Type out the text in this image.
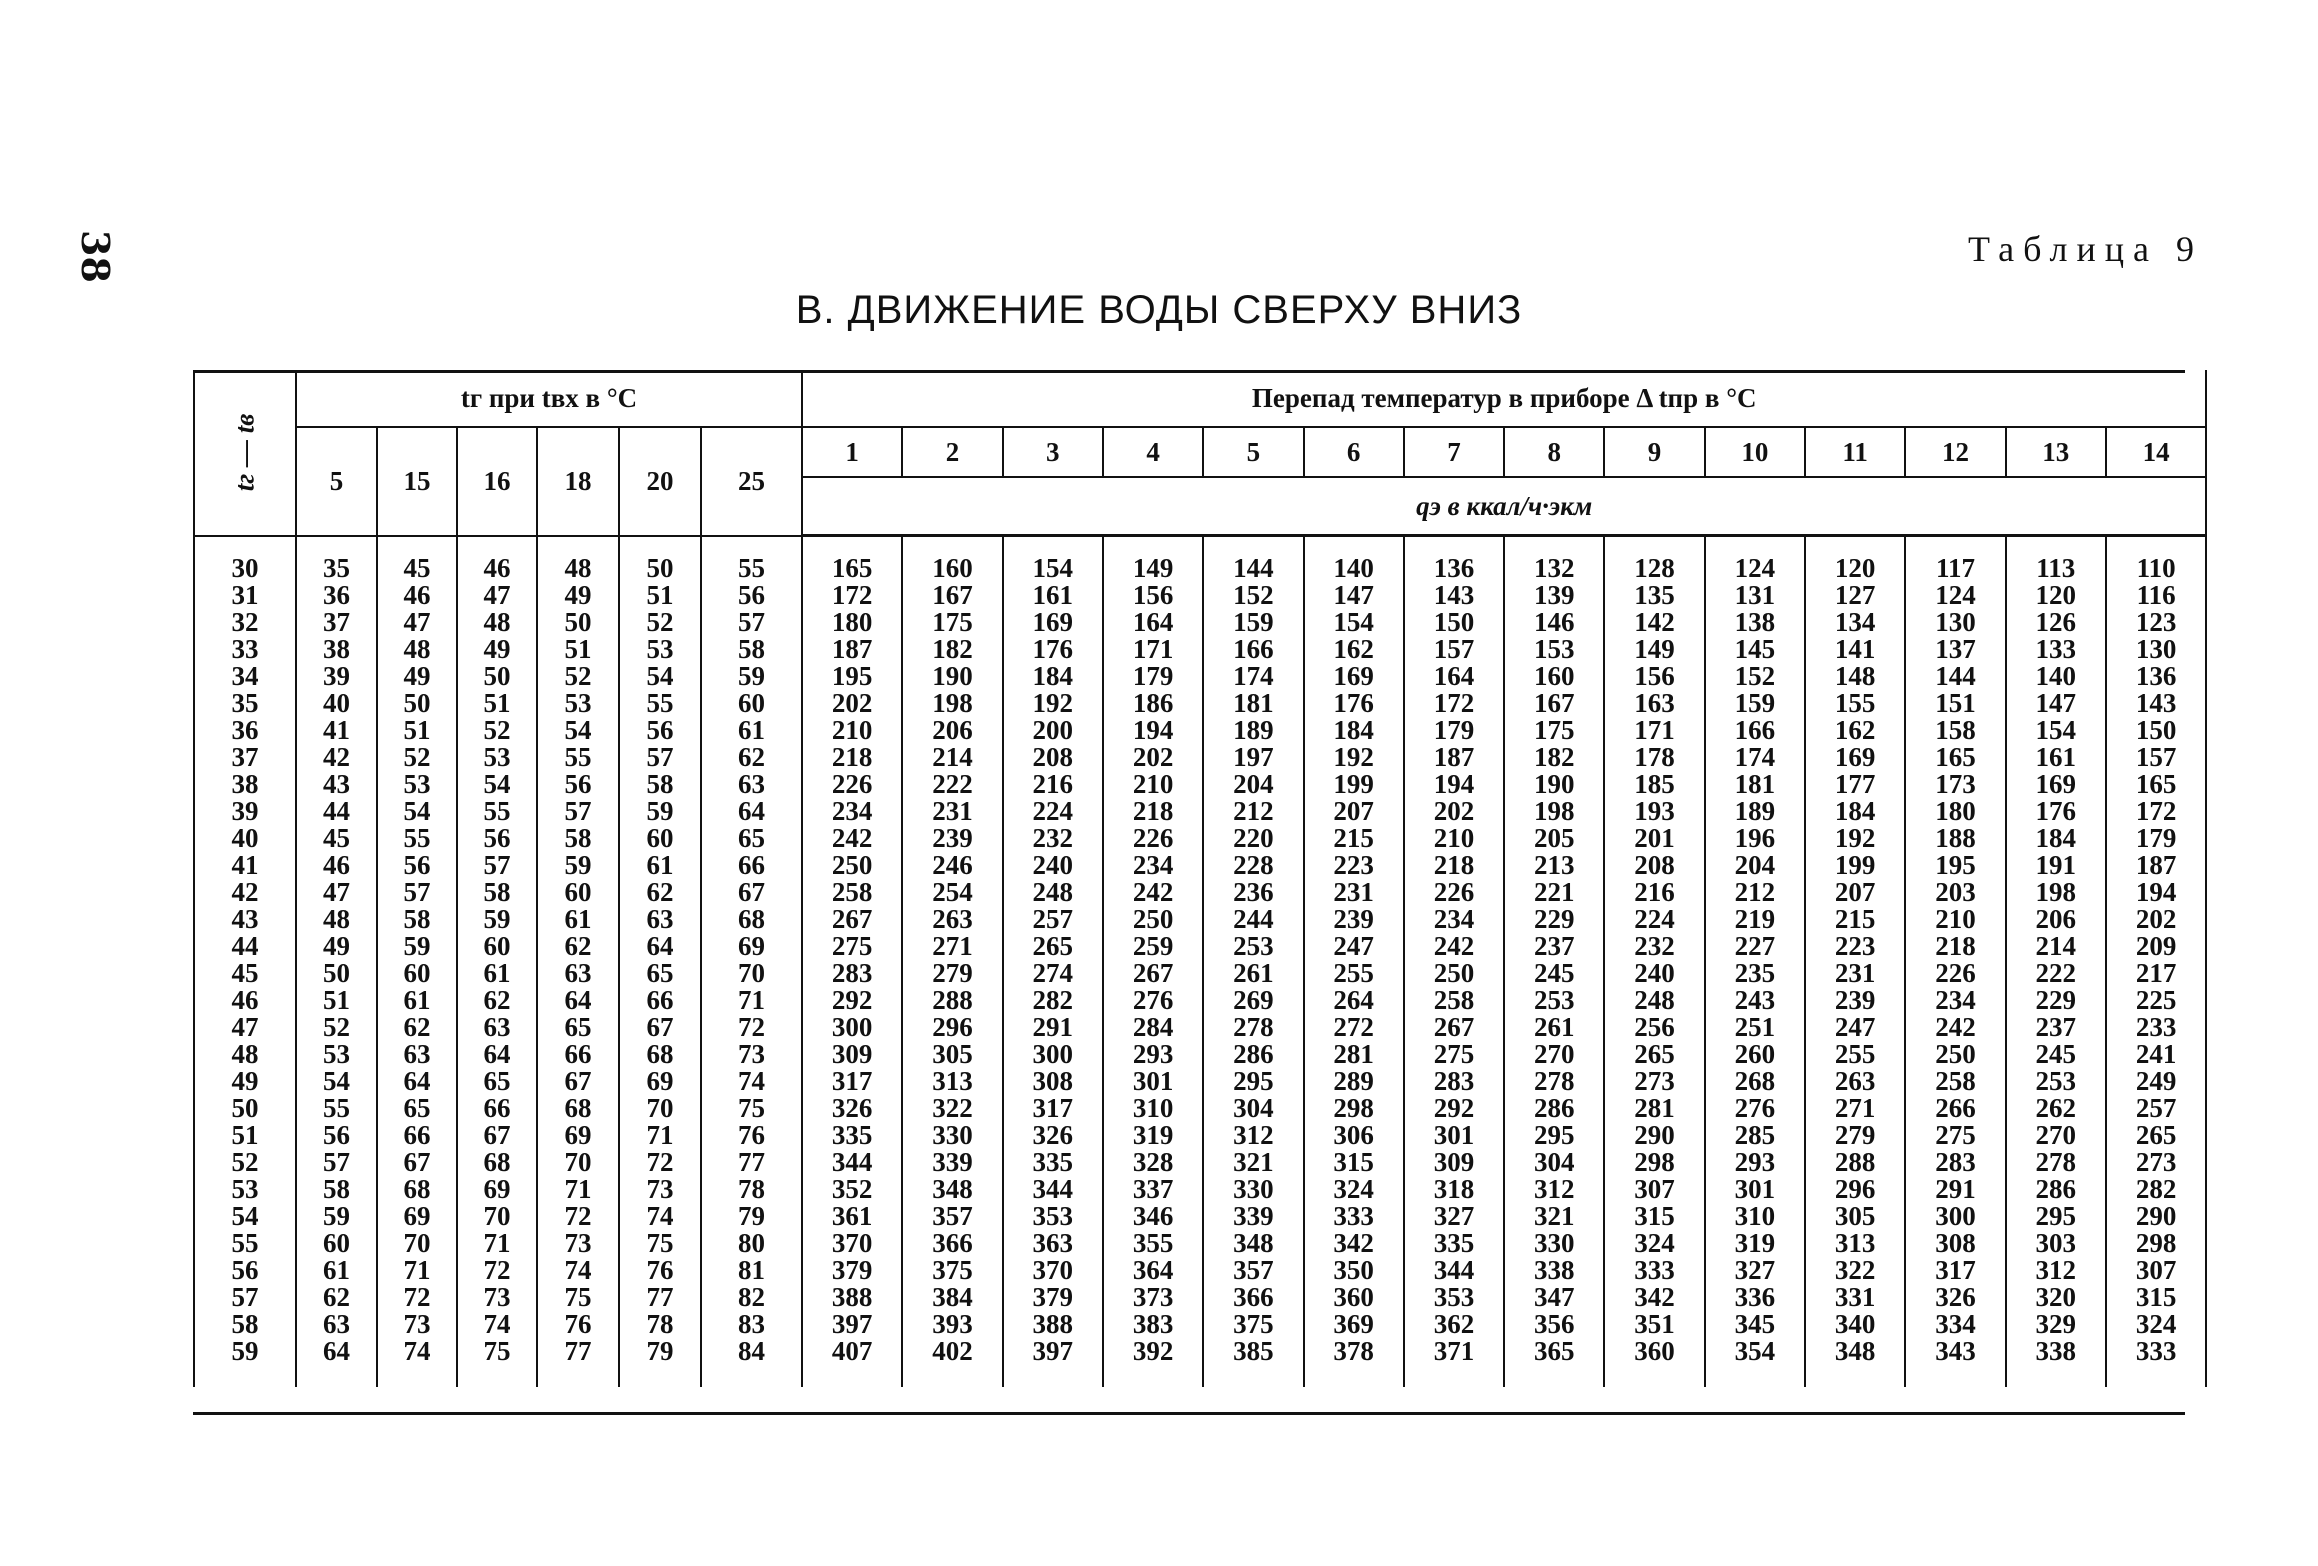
38	Таблица 9
В. ДВИЖЕНИЕ ВОДЫ СВЕРХУ ВНИЗ
tг — tв	tг при tвх в °С						Перепад температур в приборе Δ tпр в °С													
	5	15	16	18	20	25	1	2	3	4	5	6	7	8	9	10	11	12	13	14
							qэ в ккал/ч·экм													

30	35	45	46	48	50	55	165	160	154	149	144	140	136	132	128	124	120	117	113	110
31	36	46	47	49	51	56	172	167	161	156	152	147	143	139	135	131	127	124	120	116
32	37	47	48	50	52	57	180	175	169	164	159	154	150	146	142	138	134	130	126	123
33	38	48	49	51	53	58	187	182	176	171	166	162	157	153	149	145	141	137	133	130
34	39	49	50	52	54	59	195	190	184	179	174	169	164	160	156	152	148	144	140	136
35	40	50	51	53	55	60	202	198	192	186	181	176	172	167	163	159	155	151	147	143
36	41	51	52	54	56	61	210	206	200	194	189	184	179	175	171	166	162	158	154	150
37	42	52	53	55	57	62	218	214	208	202	197	192	187	182	178	174	169	165	161	157
38	43	53	54	56	58	63	226	222	216	210	204	199	194	190	185	181	177	173	169	165
39	44	54	55	57	59	64	234	231	224	218	212	207	202	198	193	189	184	180	176	172
40	45	55	56	58	60	65	242	239	232	226	220	215	210	205	201	196	192	188	184	179
41	46	56	57	59	61	66	250	246	240	234	228	223	218	213	208	204	199	195	191	187
42	47	57	58	60	62	67	258	254	248	242	236	231	226	221	216	212	207	203	198	194
43	48	58	59	61	63	68	267	263	257	250	244	239	234	229	224	219	215	210	206	202
44	49	59	60	62	64	69	275	271	265	259	253	247	242	237	232	227	223	218	214	209
45	50	60	61	63	65	70	283	279	274	267	261	255	250	245	240	235	231	226	222	217
46	51	61	62	64	66	71	292	288	282	276	269	264	258	253	248	243	239	234	229	225
47	52	62	63	65	67	72	300	296	291	284	278	272	267	261	256	251	247	242	237	233
48	53	63	64	66	68	73	309	305	300	293	286	281	275	270	265	260	255	250	245	241
49	54	64	65	67	69	74	317	313	308	301	295	289	283	278	273	268	263	258	253	249
50	55	65	66	68	70	75	326	322	317	310	304	298	292	286	281	276	271	266	262	257
51	56	66	67	69	71	76	335	330	326	319	312	306	301	295	290	285	279	275	270	265
52	57	67	68	70	72	77	344	339	335	328	321	315	309	304	298	293	288	283	278	273
53	58	68	69	71	73	78	352	348	344	337	330	324	318	312	307	301	296	291	286	282
54	59	69	70	72	74	79	361	357	353	346	339	333	327	321	315	310	305	300	295	290
55	60	70	71	73	75	80	370	366	363	355	348	342	335	330	324	319	313	308	303	298
56	61	71	72	74	76	81	379	375	370	364	357	350	344	338	333	327	322	317	312	307
57	62	72	73	75	77	82	388	384	379	373	366	360	353	347	342	336	331	326	320	315
58	63	73	74	76	78	83	397	393	388	383	375	369	362	356	351	345	340	334	329	324
59	64	74	75	77	79	84	407	402	397	392	385	378	371	365	360	354	348	343	338	333
